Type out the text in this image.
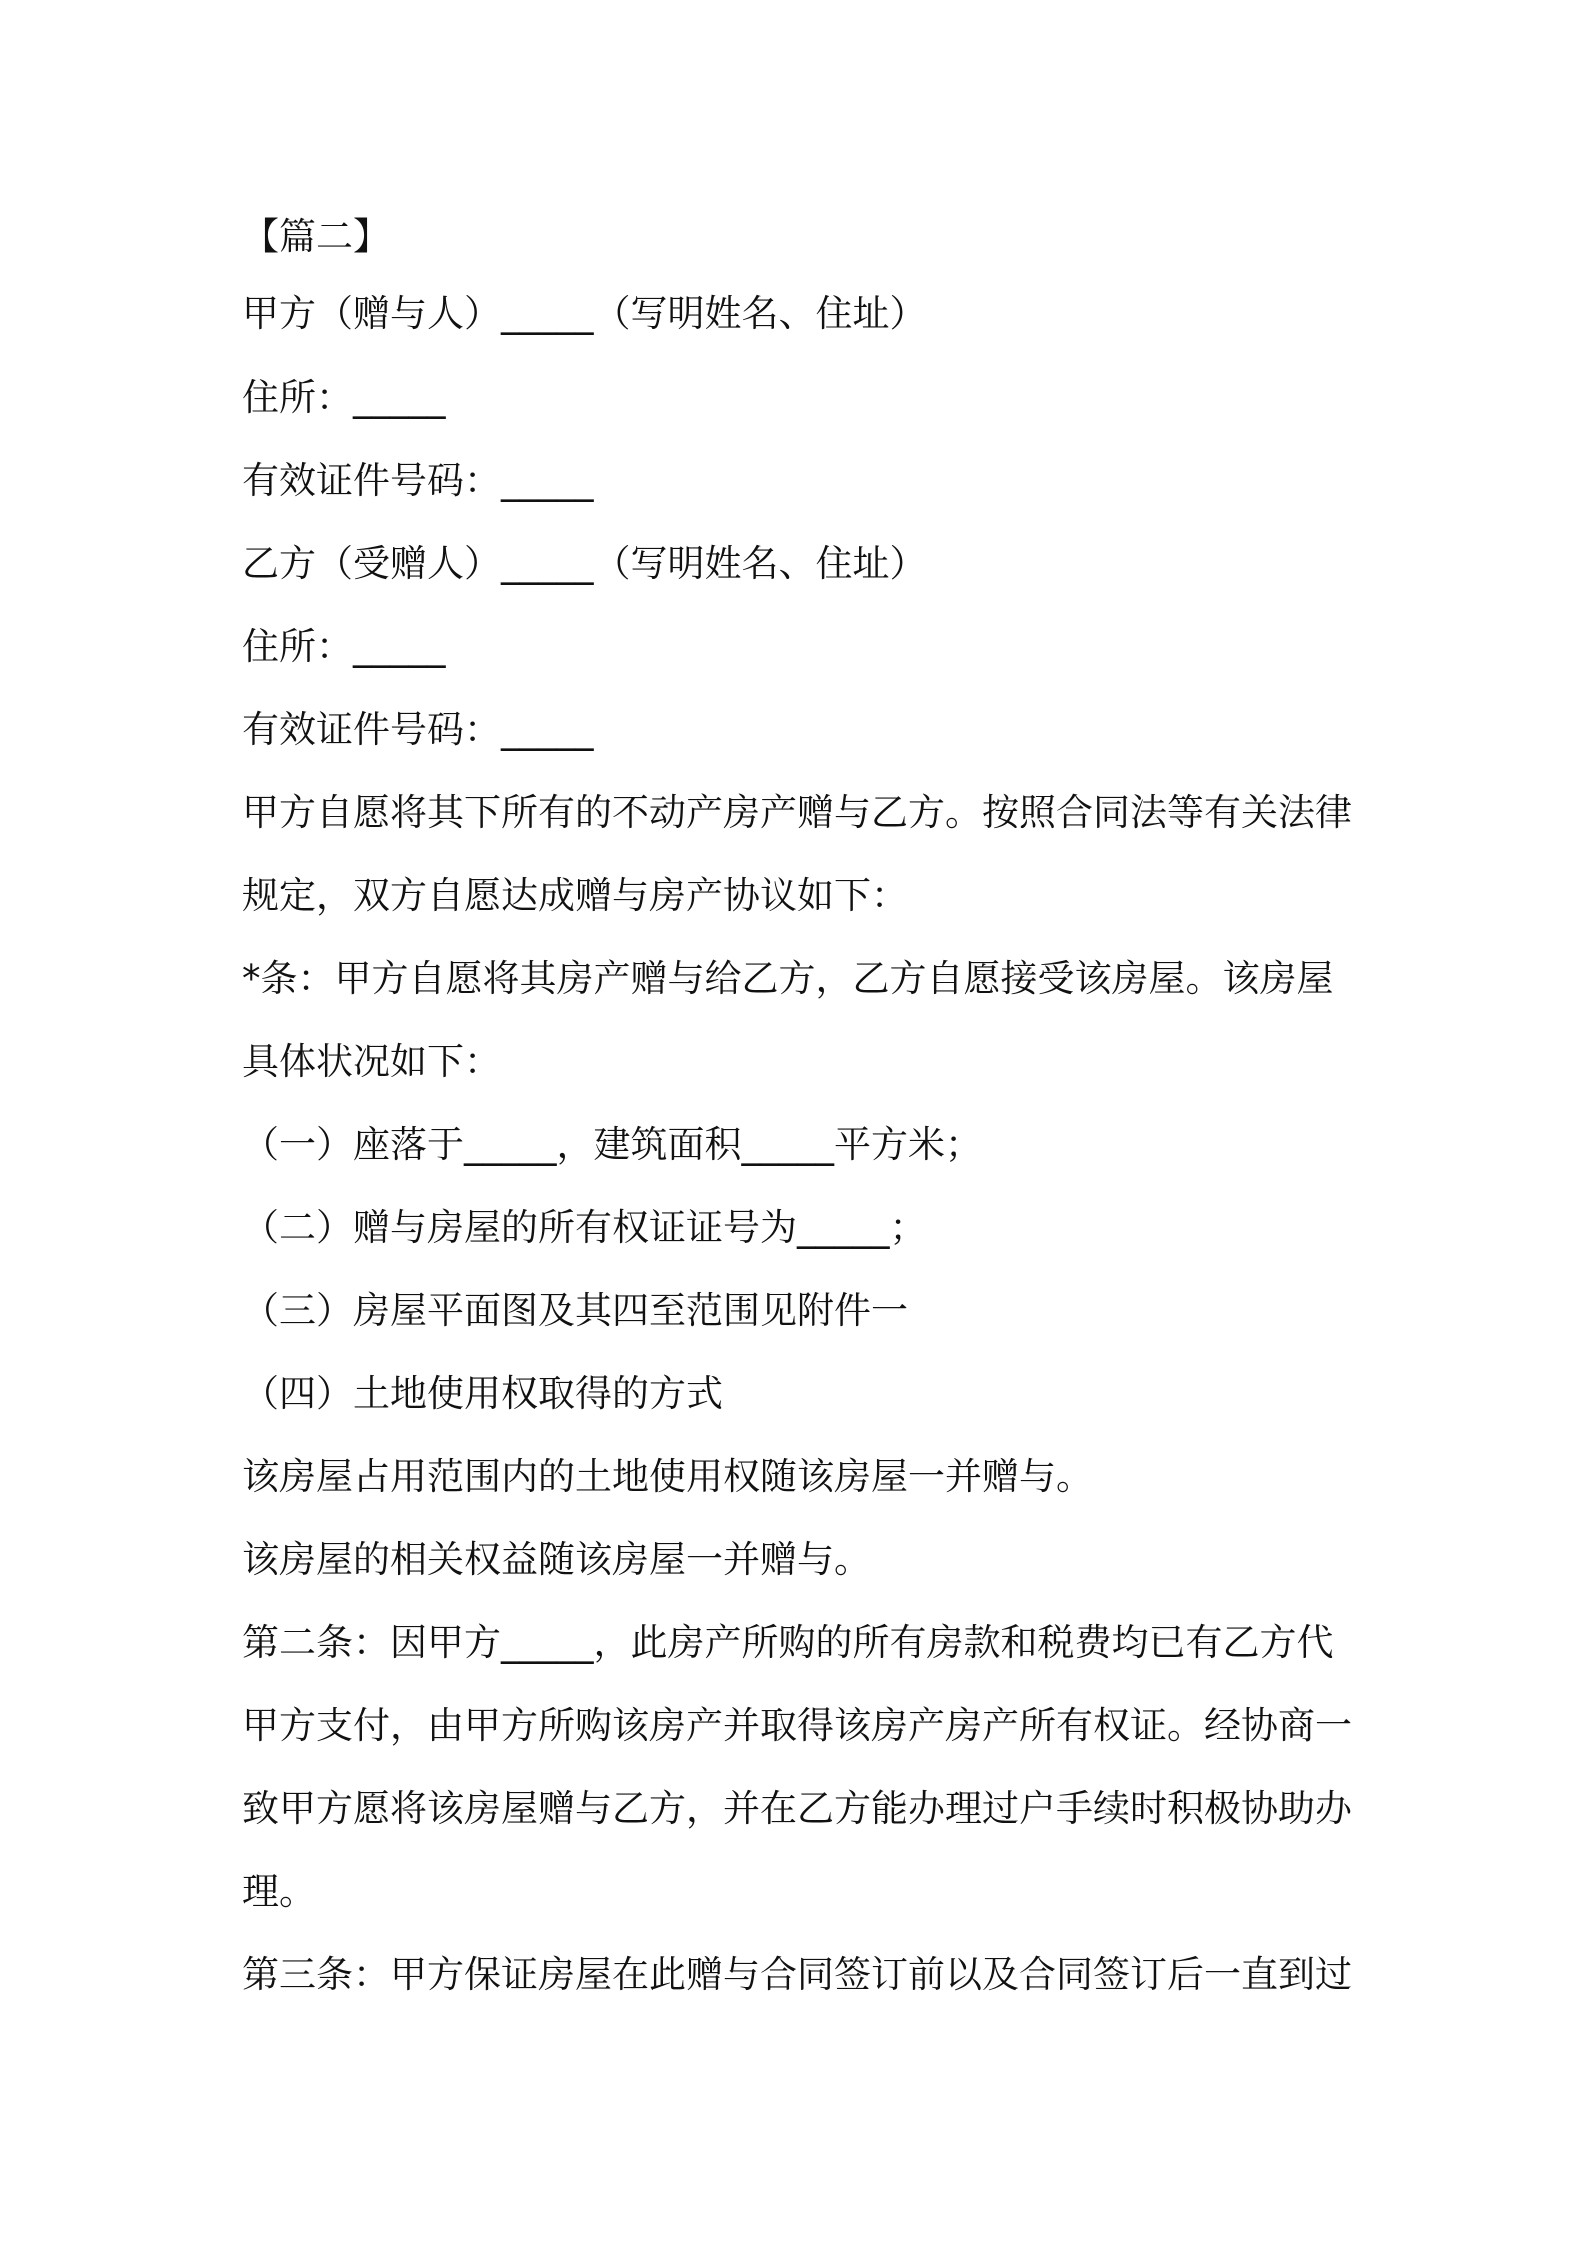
【篇二】
甲方（赠与人）_____（写明姓名、住址）
住所：_____
有效证件号码：_____
乙方（受赠人）_____（写明姓名、住址）
住所：_____
有效证件号码：_____
甲方自愿将其下所有的不动产房产赠与乙方。按照合同法等有关法律
规定，双方自愿达成赠与房产协议如下：
*条：甲方自愿将其房产赠与给乙方，乙方自愿接受该房屋。该房屋
具体状况如下：
（一）座落于_____，建筑面积_____平方米；
（二）赠与房屋的所有权证证号为_____；
（三）房屋平面图及其四至范围见附件一
（四）土地使用权取得的方式
该房屋占用范围内的土地使用权随该房屋一并赠与。
该房屋的相关权益随该房屋一并赠与。
第二条：因甲方_____，此房产所购的所有房款和税费均已有乙方代
甲方支付，由甲方所购该房产并取得该房产房产所有权证。经协商一
致甲方愿将该房屋赠与乙方，并在乙方能办理过户手续时积极协助办
理。
第三条：甲方保证房屋在此赠与合同签订前以及合同签订后一直到过
